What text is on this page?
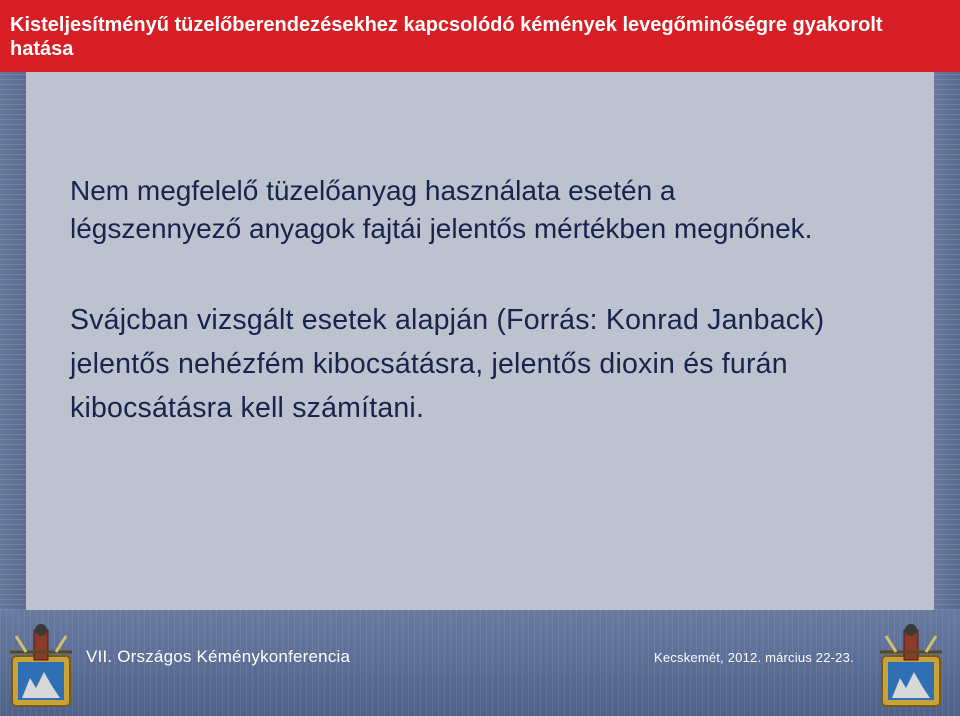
Kisteljesítményű tüzelőberendezésekhez kapcsolódó kémények levegőminőségre gyakorolt hatása

Nem megfelelő tüzelőanyag használata esetén a légszennyező anyagok fajtái jelentős mértékben megnőnek.

Svájcban vizsgált esetek alapján (Forrás: Konrad Janback) jelentős nehézfém kibocsátásra, jelentős dioxin és furán kibocsátásra kell számítani.

VII. Országos Kéménykonferencia	Kecskemét, 2012. március 22-23.
